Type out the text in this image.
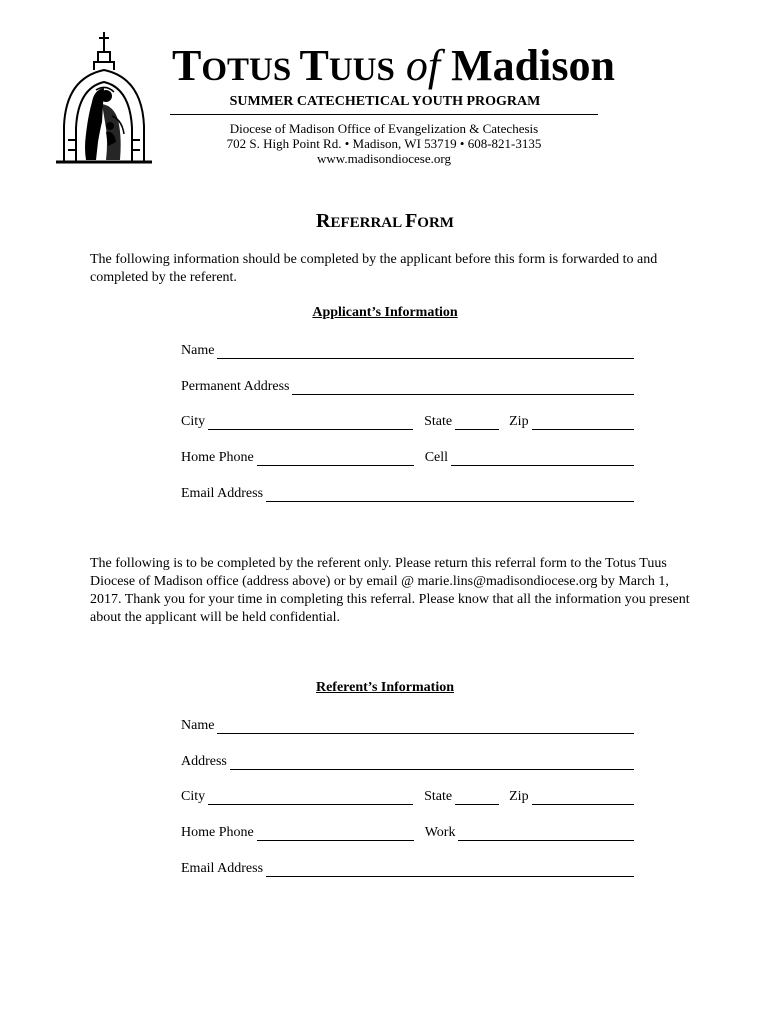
TOTUS TUUS of Madison
SUMMER CATECHETICAL YOUTH PROGRAM
Diocese of Madison Office of Evangelization & Catechesis
702 S. High Point Rd. • Madison, WI 53719 • 608-821-3135
www.madisondiocese.org
REFERRAL FORM
The following information should be completed by the applicant before this form is forwarded to and completed by the referent.
Applicant’s Information
Name
Permanent Address
City	State	Zip
Home Phone	Cell
Email Address
The following is to be completed by the referent only. Please return this referral form to the Totus Tuus Diocese of Madison office (address above) or by email @ marie.lins@madisondiocese.org by March 1, 2017. Thank you for your time in completing this referral. Please know that all the information you present about the applicant will be held confidential.
Referent’s Information
Name
Address
City	State	Zip
Home Phone	Work
Email Address
